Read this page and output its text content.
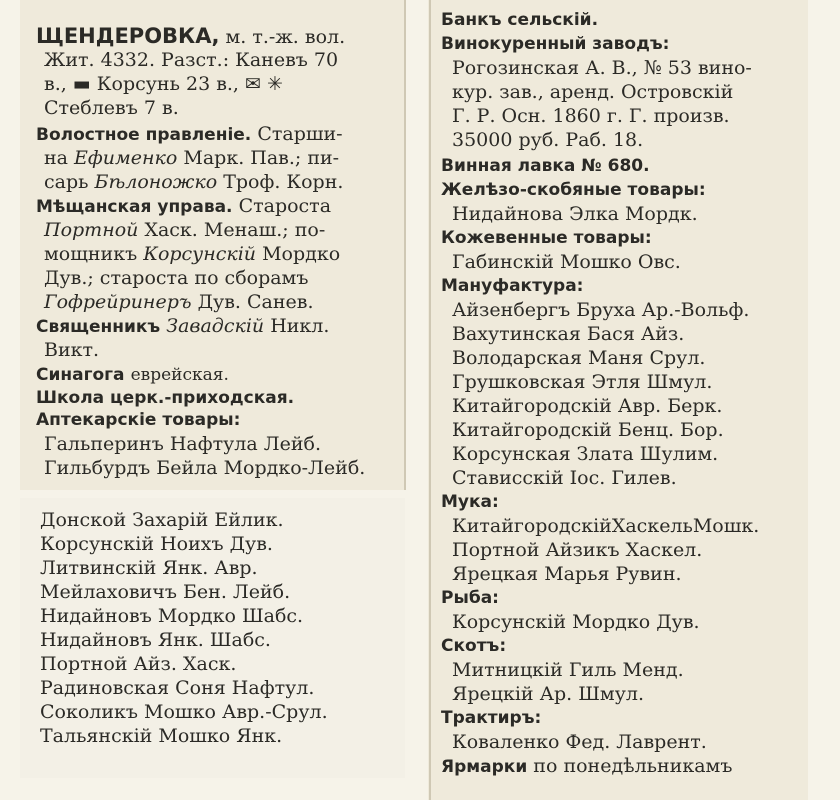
ЩЕНДЕРОВКА, м. т.-ж. вол.
Жит. 4332. Разст.: Каневъ 70
в., ▬ Корсунь 23 в., ✉ ✳
Стеблевъ 7 в.
Волостное правленіе. Старши-
на Ефименко Марк. Пав.; пи-
сарь Бѣлоножко Троф. Корн.
Мѣщанская управа. Староста
Портной Хаск. Менаш.; по-
мощникъ Корсунскій Мордко
Дув.; староста по сборамъ
Гофрейринеръ Дув. Санев.
Священникъ Завадскій Никл.
Викт.
Синагога еврейская.
Школа церк.-приходская.
Аптекарскіе товары:
Гальперинъ Нафтула Лейб.
Гильбурдъ Бейла Мордко-Лейб.
Донской Захарій Ейлик.
Корсунскій Ноихъ Дув.
Литвинскій Янк. Авр.
Мейлаховичъ Бен. Лейб.
Нидайновъ Мордко Шабс.
Нидайновъ Янк. Шабс.
Портной Айз. Хаск.
Радиновская Соня Нафтул.
Соколикъ Мошко Авр.-Срул.
Тальянскій Мошко Янк.
Банкъ сельскій.
Винокуренный заводъ:
Рогозинская А. В., № 53 вино-
кур. зав., аренд. Островскій
Г. Р. Осн. 1860 г. Г. произв.
35000 руб. Раб. 18.
Винная лавка № 680.
Желѣзо-скобяные товары:
Нидайнова Элка Мордк.
Кожевенные товары:
Габинскій Мошко Овс.
Мануфактура:
Айзенбергъ Бруха Ар.-Вольф.
Вахутинская Бася Айз.
Володарская Маня Срул.
Грушковская Этля Шмул.
Китайгородскій Авр. Берк.
Китайгородскій Бенц. Бор.
Корсунская Злата Шулим.
Стависскій Іос. Гилев.
Мука:
КитайгородскійХаскельМошк.
Портной Айзикъ Хаскел.
Ярецкая Марья Рувин.
Рыба:
Корсунскій Мордко Дув.
Скотъ:
Митницкій Гиль Менд.
Ярецкій Ар. Шмул.
Трактиръ:
Коваленко Фед. Лаврент.
Ярмарки по понедѣльникамъ
